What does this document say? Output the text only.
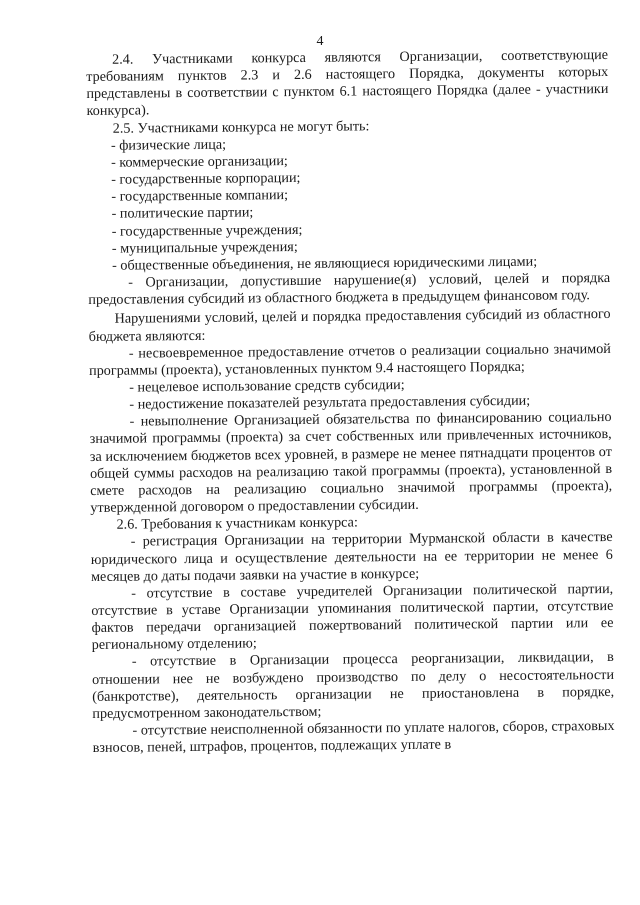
4

2.4. Участниками конкурса являются Организации, соответствующие требованиям пунктов 2.3 и 2.6 настоящего Порядка, документы которых представлены в соответствии с пунктом 6.1 настоящего Порядка (далее - участники конкурса).

2.5. Участниками конкурса не могут быть:

- физические лица;

- коммерческие организации;

- государственные корпорации;

- государственные компании;

- политические партии;

- государственные учреждения;

- муниципальные учреждения;

- общественные объединения, не являющиеся юридическими лицами;

- Организации, допустившие нарушение(я) условий, целей и порядка предоставления субсидий из областного бюджета в предыдущем финансовом году.

Нарушениями условий, целей и порядка предоставления субсидий из областного бюджета являются:

- несвоевременное предоставление отчетов о реализации социально значимой программы (проекта), установленных пунктом 9.4 настоящего Порядка;

- нецелевое использование средств субсидии;

- недостижение показателей результата предоставления субсидии;

- невыполнение Организацией обязательства по финансированию социально значимой программы (проекта) за счет собственных или привлеченных источников, за исключением бюджетов всех уровней, в размере не менее пятнадцати процентов от общей суммы расходов на реализацию такой программы (проекта), установленной в смете расходов на реализацию социально значимой программы (проекта), утвержденной договором о предоставлении субсидии.

2.6. Требования к участникам конкурса:

- регистрация Организации на территории Мурманской области в качестве юридического лица и осуществление деятельности на ее территории не менее 6 месяцев до даты подачи заявки на участие в конкурсе;

- отсутствие в составе учредителей Организации политической партии, отсутствие в уставе Организации упоминания политической партии, отсутствие фактов передачи организацией пожертвований политической партии или ее региональному отделению;

- отсутствие в Организации процесса реорганизации, ликвидации, в отношении нее не возбуждено производство по делу о несостоятельности (банкротстве), деятельность организации не приостановлена в порядке, предусмотренном законодательством;

- отсутствие неисполненной обязанности по уплате налогов, сборов, страховых взносов, пеней, штрафов, процентов, подлежащих уплате в
